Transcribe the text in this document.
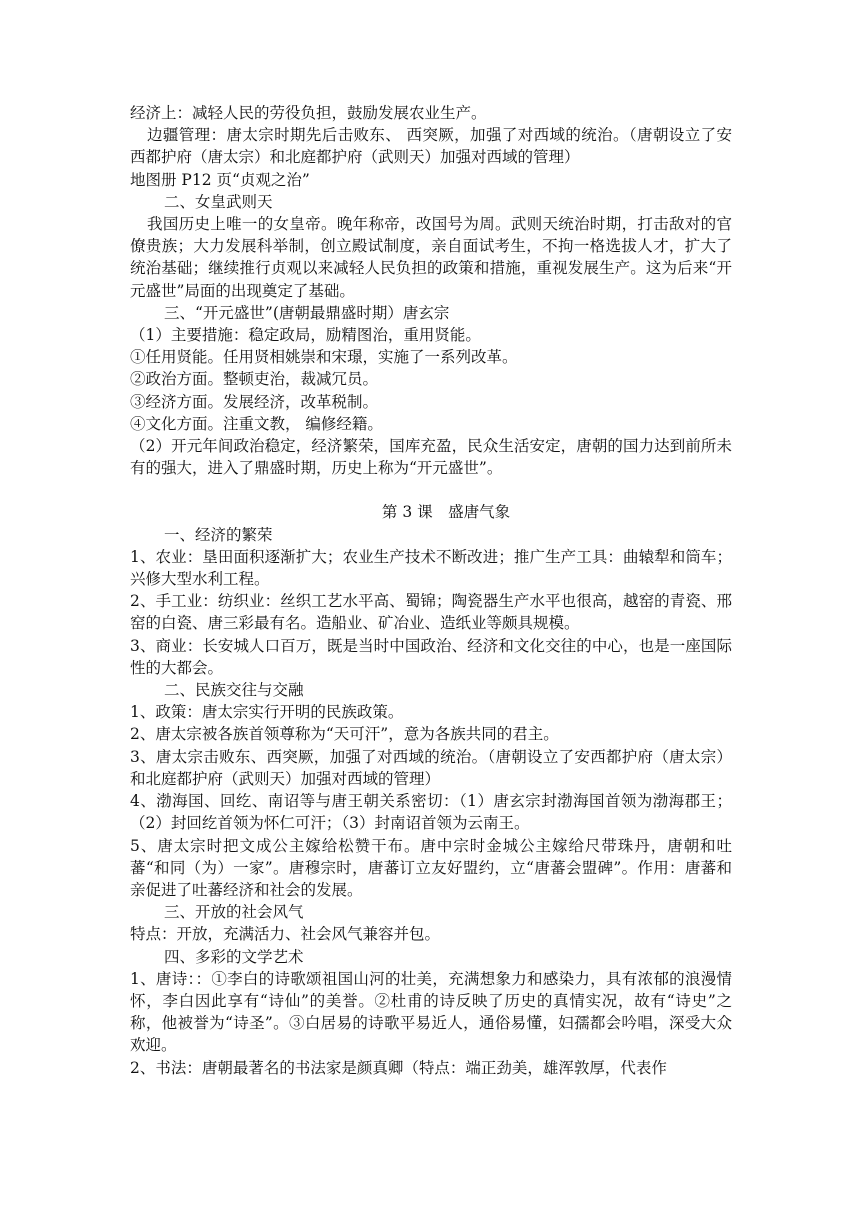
经济上：减轻人民的劳役负担，鼓励发展农业生产。

边疆管理：唐太宗时期先后击败东、 西突厥，加强了对西域的统治。（唐朝设立了安西都护府（唐太宗）和北庭都护府（武则天）加强对西域的管理）

地图册 P12 页“贞观之治”

二、女皇武则天

我国历史上唯一的女皇帝。晚年称帝，改国号为周。武则天统治时期，打击敌对的官僚贵族；大力发展科举制，创立殿试制度，亲自面试考生，不拘一格选拔人才，扩大了统治基础；继续推行贞观以来减轻人民负担的政策和措施，重视发展生产。这为后来“开元盛世”局面的出现奠定了基础。

三、“开元盛世”(唐朝最鼎盛时期）唐玄宗

（1）主要措施：稳定政局，励精图治，重用贤能。

①任用贤能。任用贤相姚崇和宋璟，实施了一系列改革。

②政治方面。整顿吏治，裁减冗员。

③经济方面。发展经济，改革税制。

④文化方面。注重文教， 编修经籍。

（2）开元年间政治稳定，经济繁荣，国库充盈，民众生活安定，唐朝的国力达到前所未有的强大，进入了鼎盛时期，历史上称为“开元盛世”。

第 3 课　盛唐气象

一、经济的繁荣

1、农业：垦田面积逐渐扩大；农业生产技术不断改进；推广生产工具：曲辕犁和筒车；兴修大型水利工程。

2、手工业：纺织业：丝织工艺水平高、蜀锦；陶瓷器生产水平也很高，越窑的青瓷、邢窑的白瓷、唐三彩最有名。造船业、矿冶业、造纸业等颇具规模。

3、商业：长安城人口百万，既是当时中国政治、经济和文化交往的中心，也是一座国际性的大都会。

二、民族交往与交融

1、政策：唐太宗实行开明的民族政策。

2、唐太宗被各族首领尊称为“天可汗”，意为各族共同的君主。

3、唐太宗击败东、西突厥，加强了对西域的统治。（唐朝设立了安西都护府（唐太宗）和北庭都护府（武则天）加强对西域的管理）

4、渤海国、回纥、南诏等与唐王朝关系密切：（1）唐玄宗封渤海国首领为渤海郡王；（2）封回纥首领为怀仁可汗；（3）封南诏首领为云南王。

5、唐太宗时把文成公主嫁给松赞干布。唐中宗时金城公主嫁给尺带珠丹，唐朝和吐蕃“和同（为）一家”。唐穆宗时，唐蕃订立友好盟约，立“唐蕃会盟碑”。作用：唐蕃和亲促进了吐蕃经济和社会的发展。

三、开放的社会风气

特点：开放，充满活力、社会风气兼容并包。

四、多彩的文学艺术

1、唐诗：：①李白的诗歌颂祖国山河的壮美，充满想象力和感染力，具有浓郁的浪漫情怀，李白因此享有“诗仙”的美誉。②杜甫的诗反映了历史的真情实况，故有“诗史”之称，他被誉为“诗圣”。③白居易的诗歌平易近人，通俗易懂，妇孺都会吟唱，深受大众欢迎。

2、书法：唐朝最著名的书法家是颜真卿（特点：端正劲美，雄浑敦厚，代表作
